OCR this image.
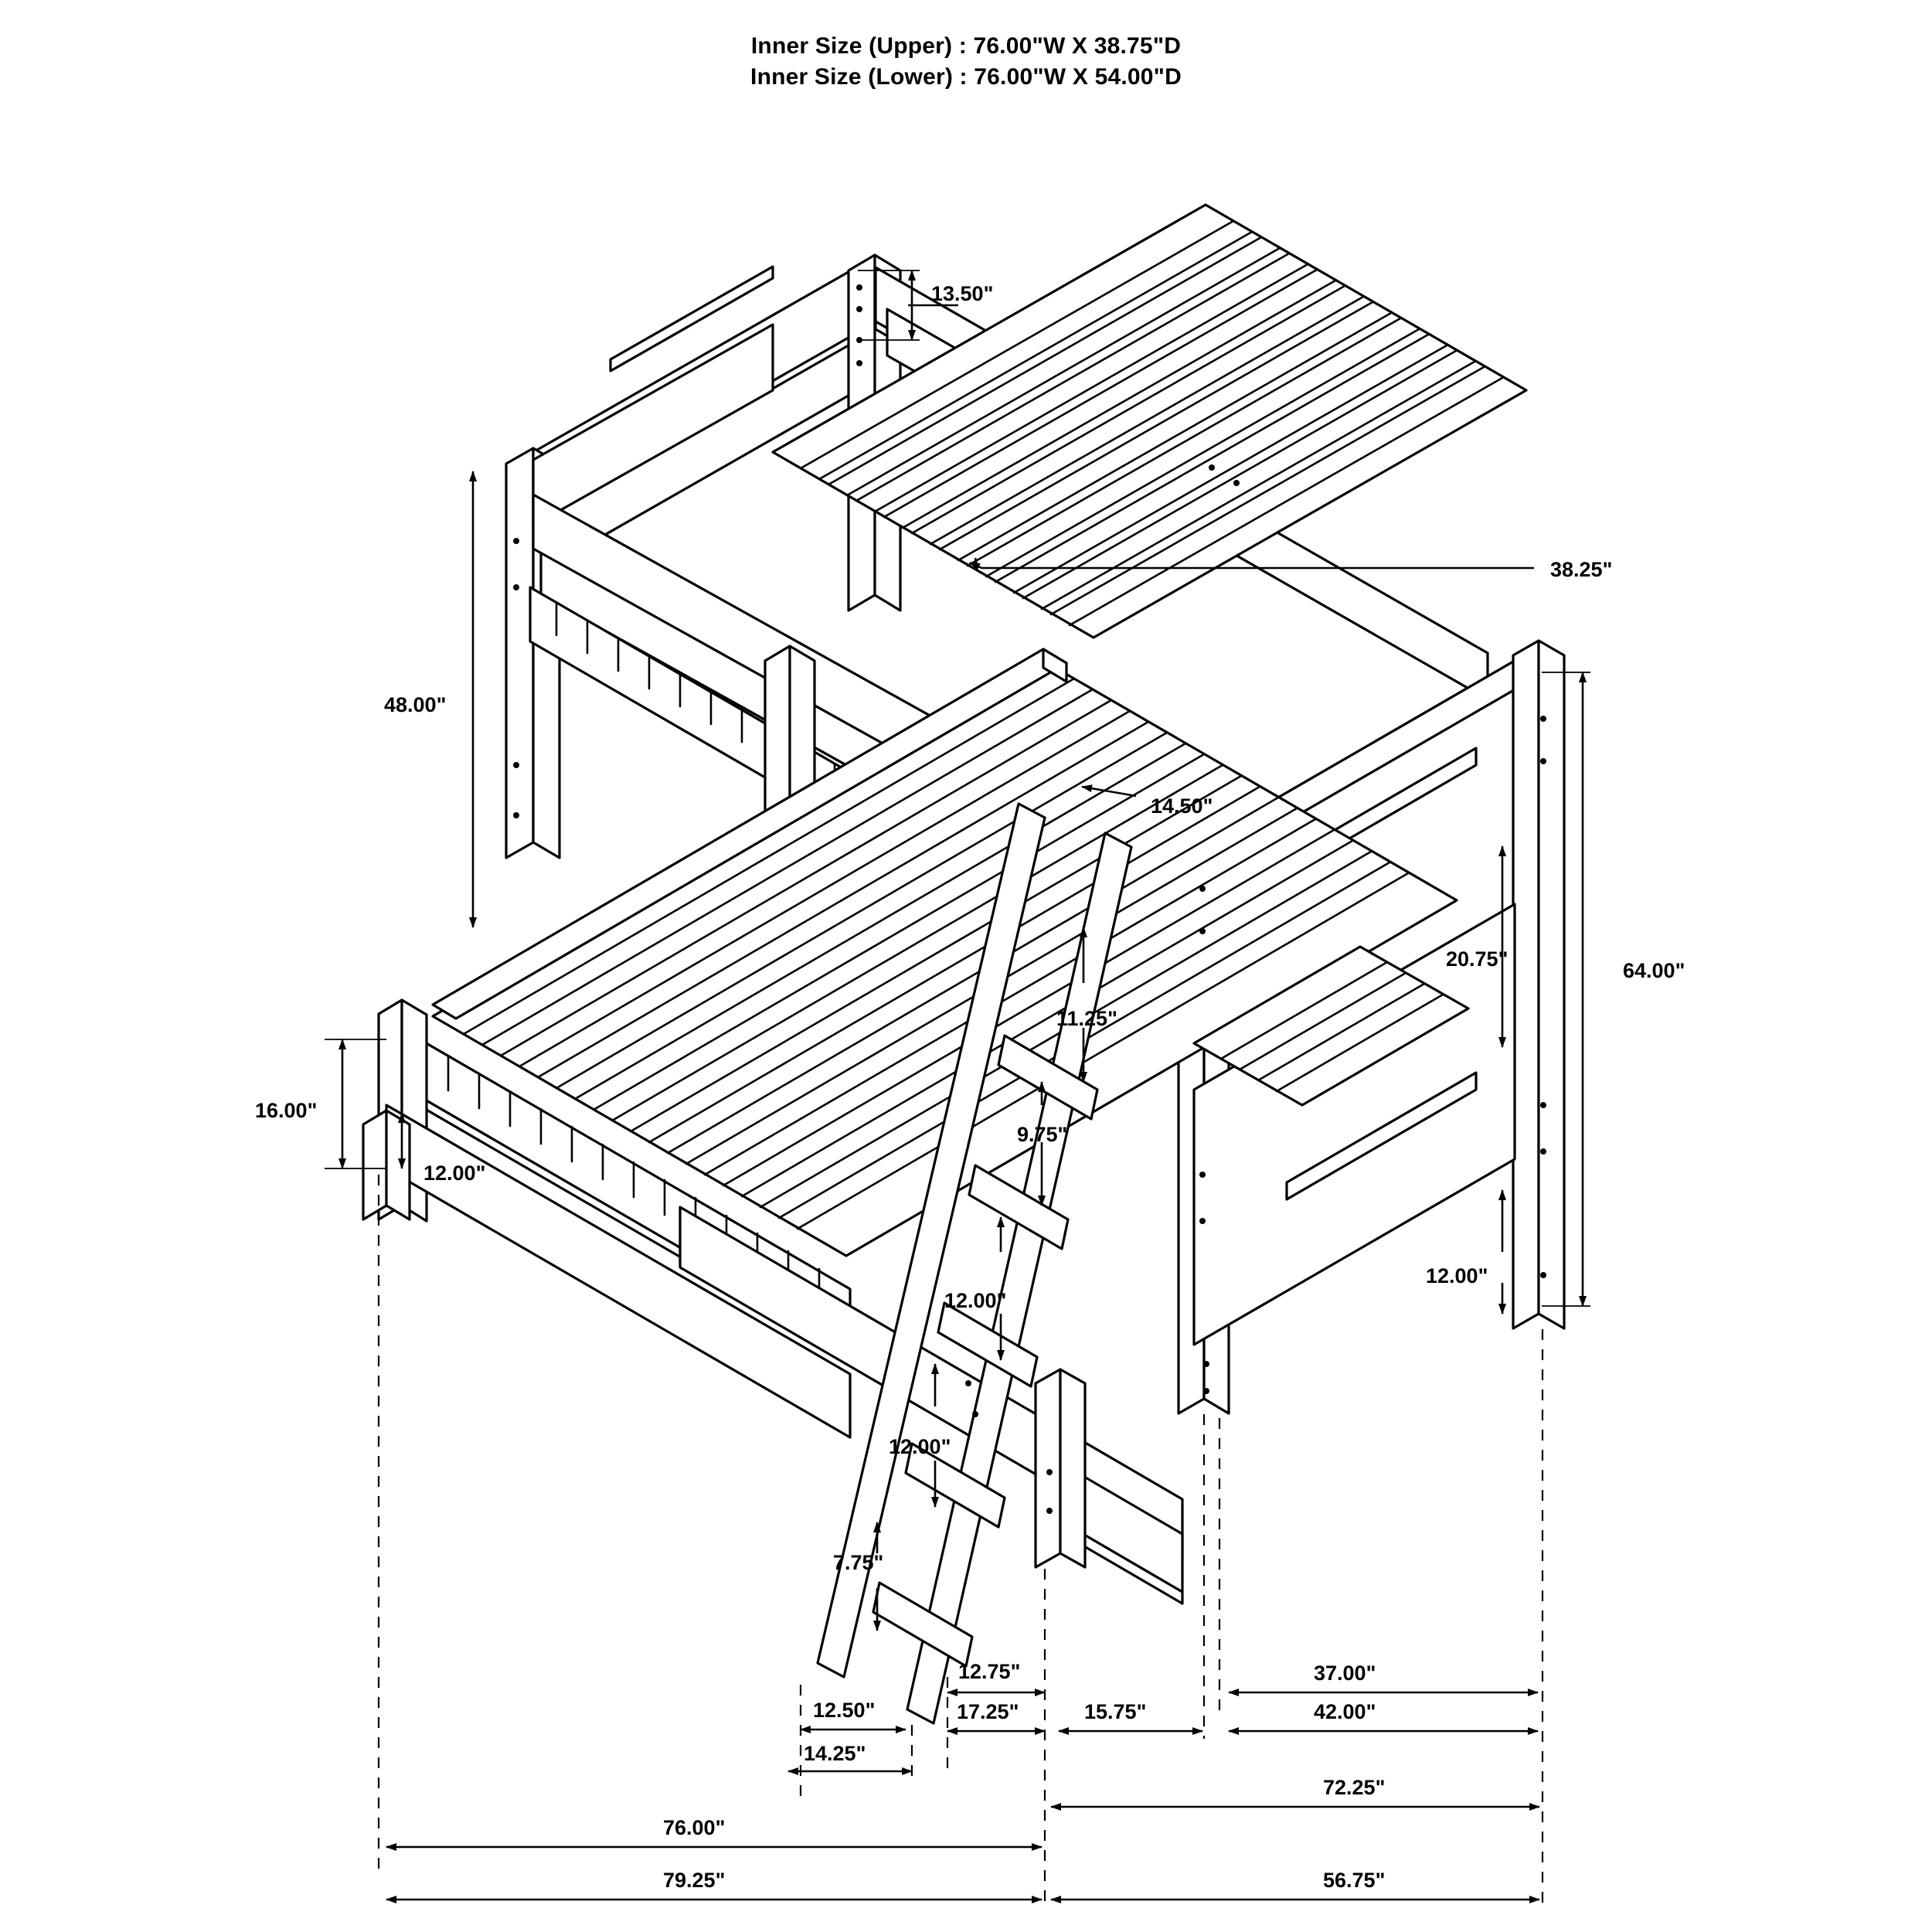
Inner Size (Upper) : 76.00"W X 38.75"D
Inner Size (Lower) : 76.00"W X 54.00"D
13.50"
48.00"
38.25"
14.50"
11.25"
20.75"	64.00"
9.75"
16.00"
12.00"
12.00"
12.00"
12.00"
7.75"
12.75"
12.50"	17.25"	15.75"
37.00"
14.25"
42.00"
72.25"
76.00"
79.25"	56.75"
